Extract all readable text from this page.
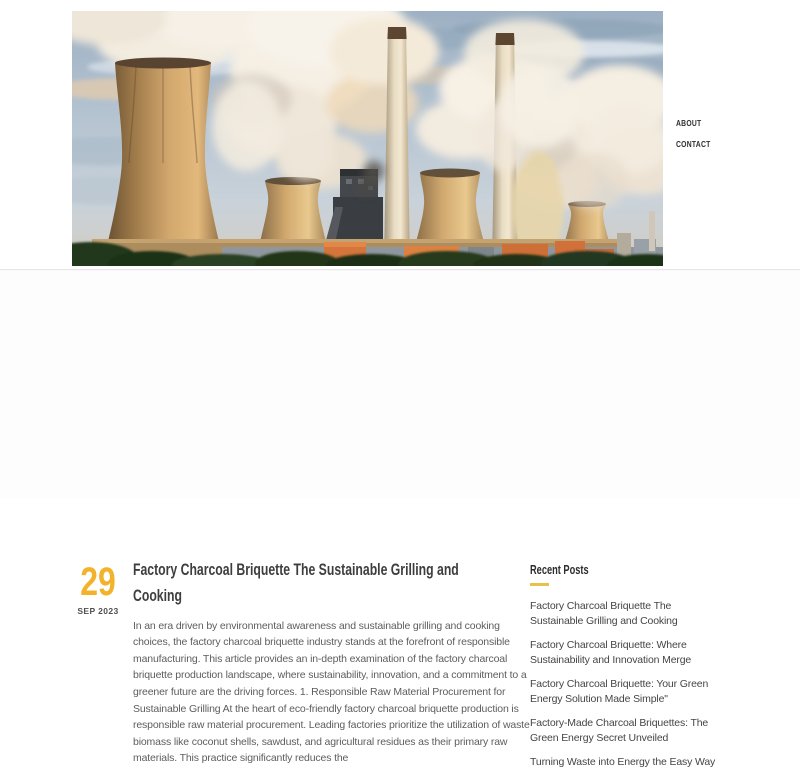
ABOUT
CONTACT
29
SEP 2023
Factory Charcoal Briquette The Sustainable Grilling and Cooking

In an era driven by environmental awareness and sustainable grilling and cooking choices, the factory charcoal briquette industry stands at the forefront of responsible manufacturing. This article provides an in-depth examination of the factory charcoal briquette production landscape, where sustainability, innovation, and a commitment to a greener future are the driving forces. 1. Responsible Raw Material Procurement for Sustainable Grilling At the heart of eco-friendly factory charcoal briquette production is responsible raw material procurement. Leading factories prioritize the utilization of waste biomass like coconut shells, sawdust, and agricultural residues as their primary raw materials. This practice significantly reduces the

Recent Posts
Factory Charcoal Briquette The Sustainable Grilling and Cooking
Factory Charcoal Briquette: Where Sustainability and Innovation Merge
Factory Charcoal Briquette: Your Green Energy Solution Made Simple"
Factory-Made Charcoal Briquettes: The Green Energy Secret Unveiled
Turning Waste into Energy the Easy Way
